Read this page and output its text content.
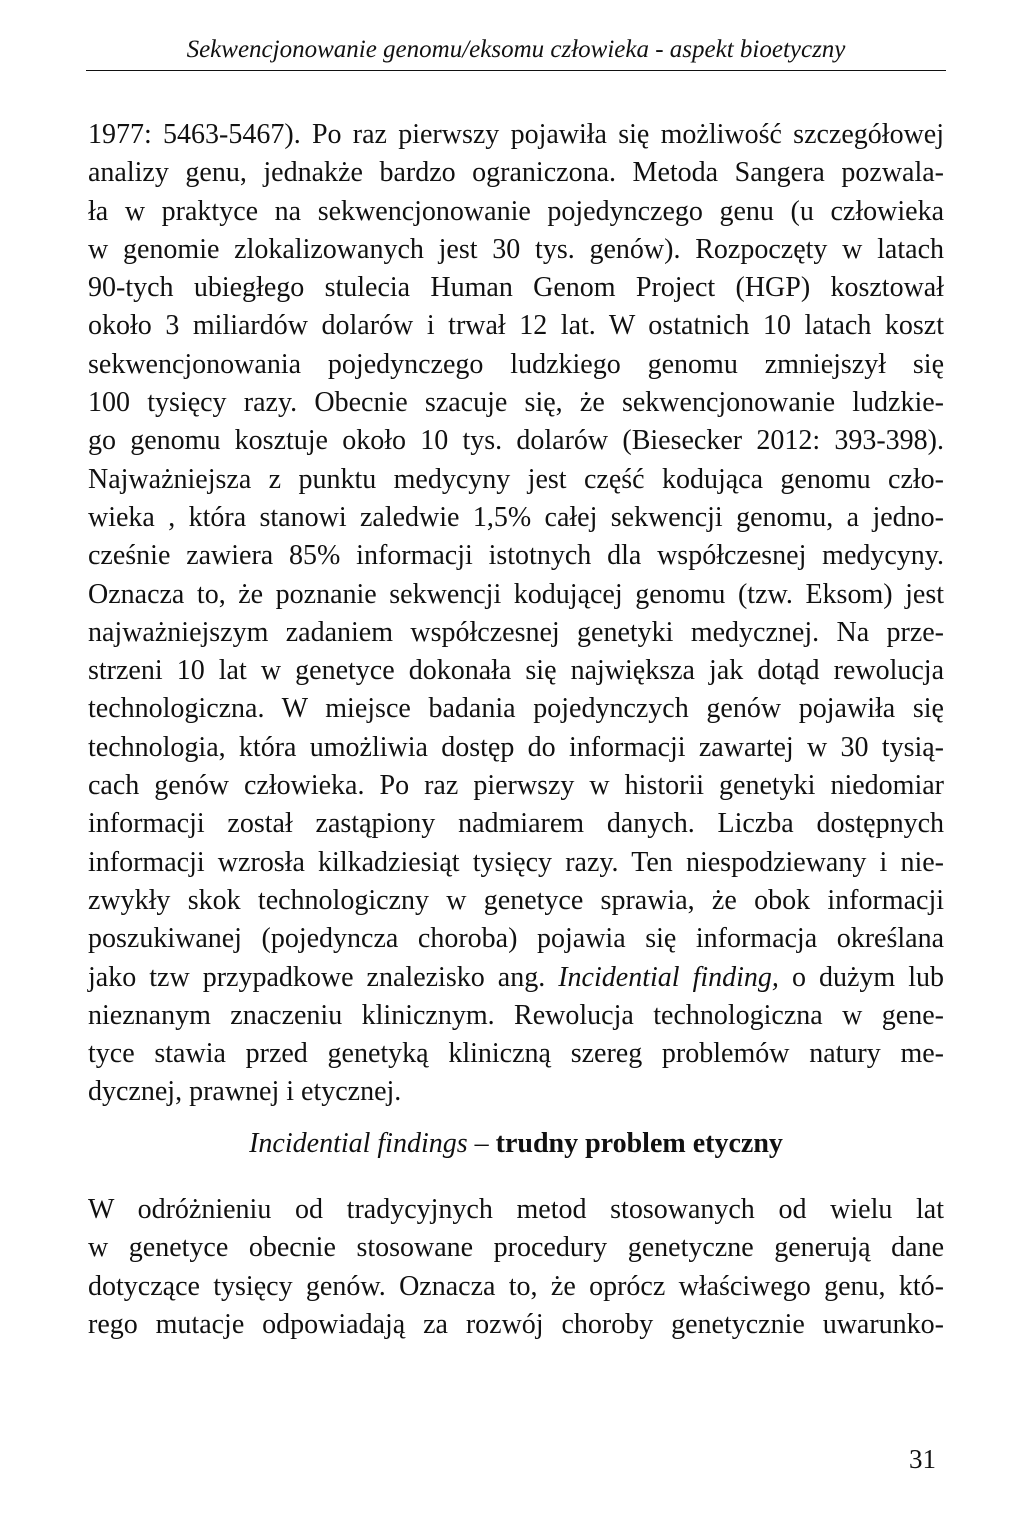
Sekwencjonowanie genomu/eksomu człowieka - aspekt bioetyczny
1977: 5463-5467). Po raz pierwszy pojawiła się możliwość szczegółowej
analizy genu, jednakże bardzo ograniczona. Metoda Sangera pozwala-
ła w praktyce na sekwencjonowanie pojedynczego genu (u człowieka
w genomie zlokalizowanych jest 30 tys. genów). Rozpoczęty w latach
90-tych ubiegłego stulecia Human Genom Project (HGP) kosztował
około 3 miliardów dolarów i trwał 12 lat. W ostatnich 10 latach koszt
sekwencjonowania pojedynczego ludzkiego genomu zmniejszył się
100 tysięcy razy. Obecnie szacuje się, że sekwencjonowanie ludzkie-
go genomu kosztuje około 10 tys. dolarów (Biesecker 2012: 393-398).
Najważniejsza z punktu medycyny jest część kodująca genomu czło-
wieka , która stanowi zaledwie 1,5% całej sekwencji genomu, a jedno-
cześnie zawiera 85% informacji istotnych dla współczesnej medycyny.
Oznacza to, że poznanie sekwencji kodującej genomu (tzw. Eksom) jest
najważniejszym zadaniem współczesnej genetyki medycznej. Na prze-
strzeni 10 lat w genetyce dokonała się największa jak dotąd rewolucja
technologiczna. W miejsce badania pojedynczych genów pojawiła się
technologia, która umożliwia dostęp do informacji zawartej w 30 tysią-
cach genów człowieka. Po raz pierwszy w historii genetyki niedomiar
informacji został zastąpiony nadmiarem danych. Liczba dostępnych
informacji wzrosła kilkadziesiąt tysięcy razy. Ten niespodziewany i nie-
zwykły skok technologiczny w genetyce sprawia, że obok informacji
poszukiwanej (pojedyncza choroba) pojawia się informacja określana
jako tzw przypadkowe znalezisko ang. Incidential finding, o dużym lub
nieznanym znaczeniu klinicznym. Rewolucja technologiczna w gene-
tyce stawia przed genetyką kliniczną szereg problemów natury me-
dycznej, prawnej i etycznej.
Incidential findings – trudny problem etyczny
W odróżnieniu od tradycyjnych metod stosowanych od wielu lat
w genetyce obecnie stosowane procedury genetyczne generują dane
dotyczące tysięcy genów. Oznacza to, że oprócz właściwego genu, któ-
rego mutacje odpowiadają za rozwój choroby genetycznie uwarunko-
31
